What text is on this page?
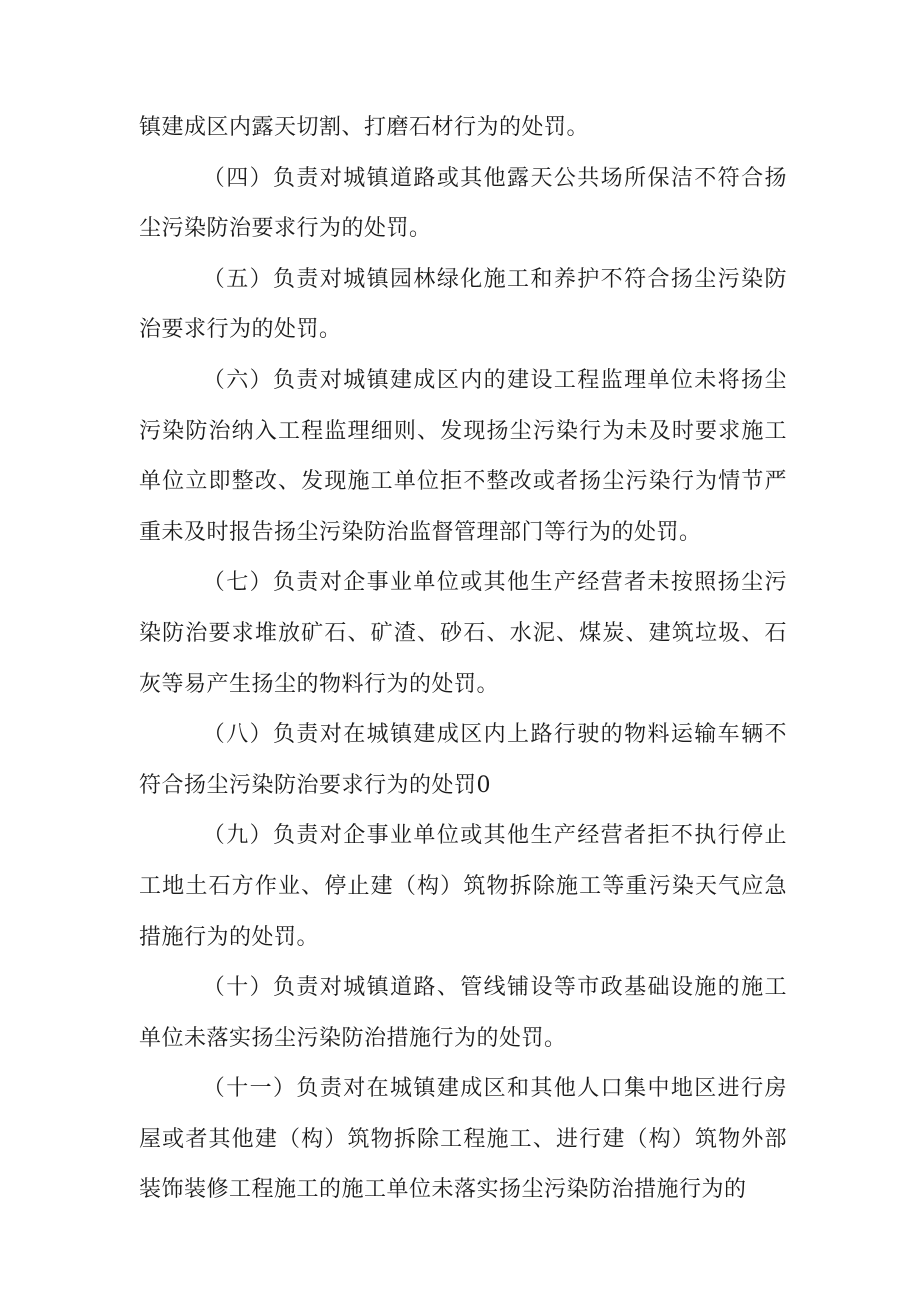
镇建成区内露天切割、打磨石材行为的处罚。

（四）负责对城镇道路或其他露天公共场所保洁不符合扬尘污染防治要求行为的处罚。

（五）负责对城镇园林绿化施工和养护不符合扬尘污染防治要求行为的处罚。

（六）负责对城镇建成区内的建设工程监理单位未将扬尘污染防治纳入工程监理细则、发现扬尘污染行为未及时要求施工单位立即整改、发现施工单位拒不整改或者扬尘污染行为情节严重未及时报告扬尘污染防治监督管理部门等行为的处罚。

（七）负责对企事业单位或其他生产经营者未按照扬尘污染防治要求堆放矿石、矿渣、砂石、水泥、煤炭、建筑垃圾、石灰等易产生扬尘的物料行为的处罚。

（八）负责对在城镇建成区内上路行驶的物料运输车辆不符合扬尘污染防治要求行为的处罚0

（九）负责对企事业单位或其他生产经营者拒不执行停止工地土石方作业、停止建（构）筑物拆除施工等重污染天气应急措施行为的处罚。

（十）负责对城镇道路、管线铺设等市政基础设施的施工单位未落实扬尘污染防治措施行为的处罚。

（十一）负责对在城镇建成区和其他人口集中地区进行房屋或者其他建（构）筑物拆除工程施工、进行建（构）筑物外部装饰装修工程施工的施工单位未落实扬尘污染防治措施行为的
